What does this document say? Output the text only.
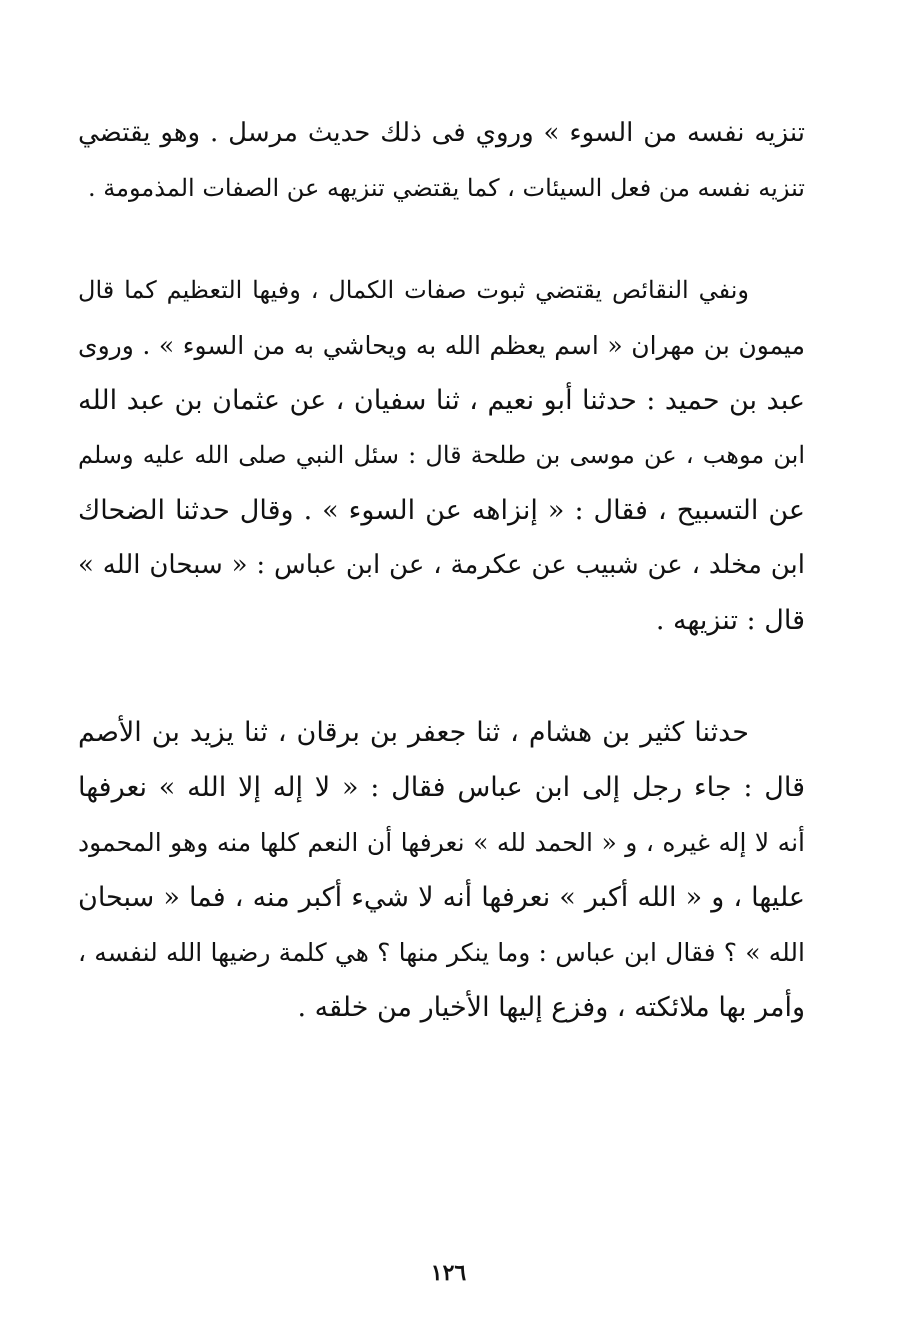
تنزيه نفسه من السوء » وروي فى ذلك حديث مرسل . وهو يقتضي
تنزيه نفسه من فعل السيئات ، كما يقتضي تنزيهه عن الصفات المذمومة .
ونفي النقائص يقتضي ثبوت صفات الكمال ، وفيها التعظيم كما قال
ميمون بن مهران « اسم يعظم الله به ويحاشي به من السوء » . وروى
عبد بن حميد : حدثنا أبو نعيم ، ثنا سفيان ، عن عثمان بن عبد الله
ابن موهب ، عن موسى بن طلحة قال : سئل النبي صلى الله عليه وسلم
عن التسبيح ، فقال : « إنزاهه عن السوء » . وقال حدثنا الضحاك
ابن مخلد ، عن شبيب عن عكرمة ، عن ابن عباس : « سبحان الله »
قال : تنزيهه .
حدثنا كثير بن هشام ، ثنا جعفر بن برقان ، ثنا يزيد بن الأصم
قال : جاء رجل إلى ابن عباس فقال : « لا إله إلا الله » نعرفها
أنه لا إله غيره ، و « الحمد لله » نعرفها أن النعم كلها منه وهو المحمود
عليها ، و « الله أكبر » نعرفها أنه لا شيء أكبر منه ، فما « سبحان
الله » ؟ فقال ابن عباس : وما ينكر منها ؟ هي كلمة رضيها الله لنفسه ،
وأمر بها ملائكته ، وفزع إليها الأخيار من خلقه .
١٢٦
